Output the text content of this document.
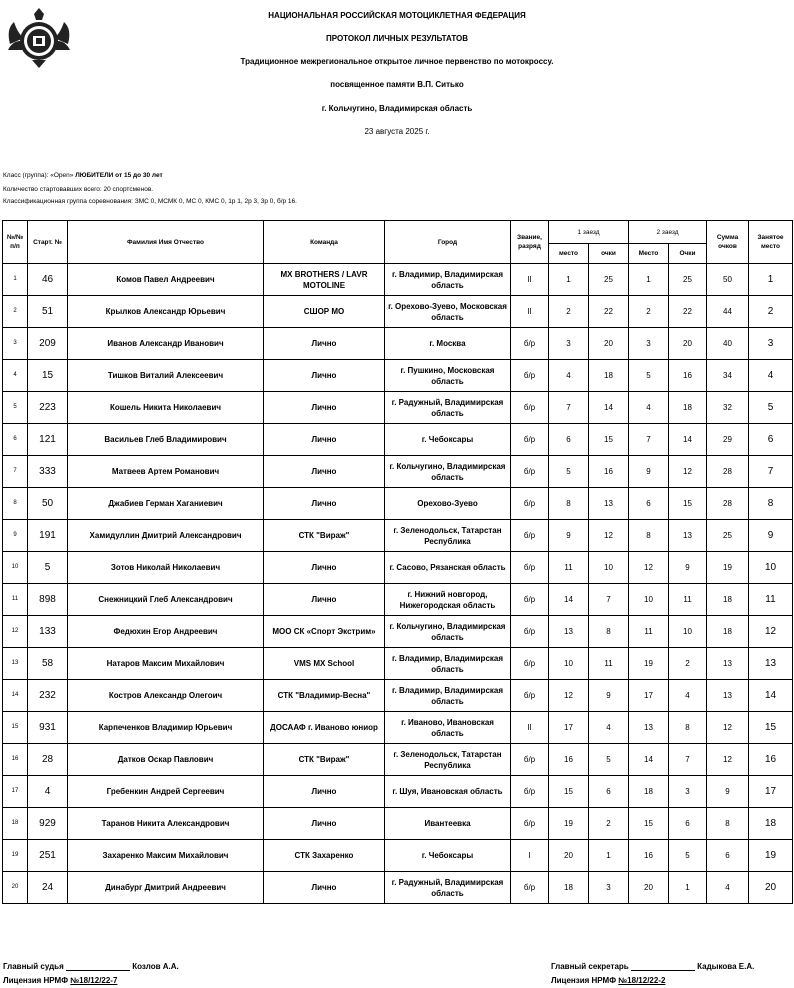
НАЦИОНАЛЬНАЯ РОССИЙСКАЯ МОТОЦИКЛЕТНАЯ ФЕДЕРАЦИЯ
ПРОТОКОЛ ЛИЧНЫХ РЕЗУЛЬТАТОВ
Традиционное межрегиональное открытое личное первенство по мотокроссу.
посвященное памяти В.П. Ситько
г. Кольчугино, Владимирская область
23 августа 2025 г.
Класс (группа): «Open» ЛЮБИТЕЛИ от 15 до 30 лет
Количество стартовавших всего: 20 спортсменов.
Классификационная группа соревнования: ЗМС 0, МСМК 0, МС 0, КМС 0, 1р 1, 2р 3, 3р 0, б/р 16.
№/№ п/п	Старт. №	Фамилия Имя Отчество	Команда	Город	Звание, разряд	1 заезд		2 заезд		Сумма очков	Занятое место
						место	очки	Место	Очки		
1	46	Комов Павел Андреевич	MX BROTHERS / LAVR MOTOLINE	г. Владимир, Владимирская область	II	1	25	1	25	50	1
2	51	Крылков Александр Юрьевич	СШОР МО	г. Орехово-Зуево, Московская область	II	2	22	2	22	44	2
3	209	Иванов Александр Иванович	Лично	г. Москва	б/р	3	20	3	20	40	3
4	15	Тишков Виталий Алексеевич	Лично	г. Пушкино, Московская область	б/р	4	18	5	16	34	4
5	223	Кошель Никита Николаевич	Лично	г. Радужный, Владимирская область	б/р	7	14	4	18	32	5
6	121	Васильев Глеб Владимирович	Лично	г. Чебоксары	б/р	6	15	7	14	29	6
7	333	Матвеев Артем Романович	Лично	г. Кольчугино, Владимирская область	б/р	5	16	9	12	28	7
8	50	Джабиев Герман Хаганиевич	Лично	Орехово-Зуево	б/р	8	13	6	15	28	8
9	191	Хамидуллин Дмитрий Александрович	СТК "Вираж"	г. Зеленодольск, Татарстан Республика	б/р	9	12	8	13	25	9
10	5	Зотов Николай Николаевич	Лично	г. Сасово, Рязанская область	б/р	11	10	12	9	19	10
11	898	Снежницкий Глеб Александрович	Лично	г. Нижний новгород, Нижегородская область	б/р	14	7	10	11	18	11
12	133	Федюхин Егор Андреевич	МОО СК «Спорт Экстрим»	г. Кольчугино, Владимирская область	б/р	13	8	11	10	18	12
13	58	Натаров Максим Михайлович	VMS MX School	г. Владимир, Владимирская область	б/р	10	11	19	2	13	13
14	232	Костров Александр Олегоич	СТК "Владимир-Весна"	г. Владимир, Владимирская область	б/р	12	9	17	4	13	14
15	931	Карпеченков Владимир Юрьевич	ДОСААФ г. Иваново юниор	г. Иваново, Ивановская область	II	17	4	13	8	12	15
16	28	Датков Оскар Павлович	СТК "Вираж"	г. Зеленодольск, Татарстан Республика	б/р	16	5	14	7	12	16
17	4	Гребенкин Андрей Сергеевич	Лично	г. Шуя, Ивановская область	б/р	15	6	18	3	9	17
18	929	Таранов Никита Александрович	Лично	Ивантеевка	б/р	19	2	15	6	8	18
19	251	Захаренко Максим Михайлович	СТК Захаренко	г. Чебоксары	I	20	1	16	5	6	19
20	24	Динабург Дмитрий Андреевич	Лично	г. Радужный, Владимирская область	б/р	18	3	20	1	4	20
Главный судья	Козлов А.А.
Лицензия НРМФ №18/12/22-7
Главный секретарь	Кадыкова Е.А.
Лицензия НРМФ №18/12/22-2
